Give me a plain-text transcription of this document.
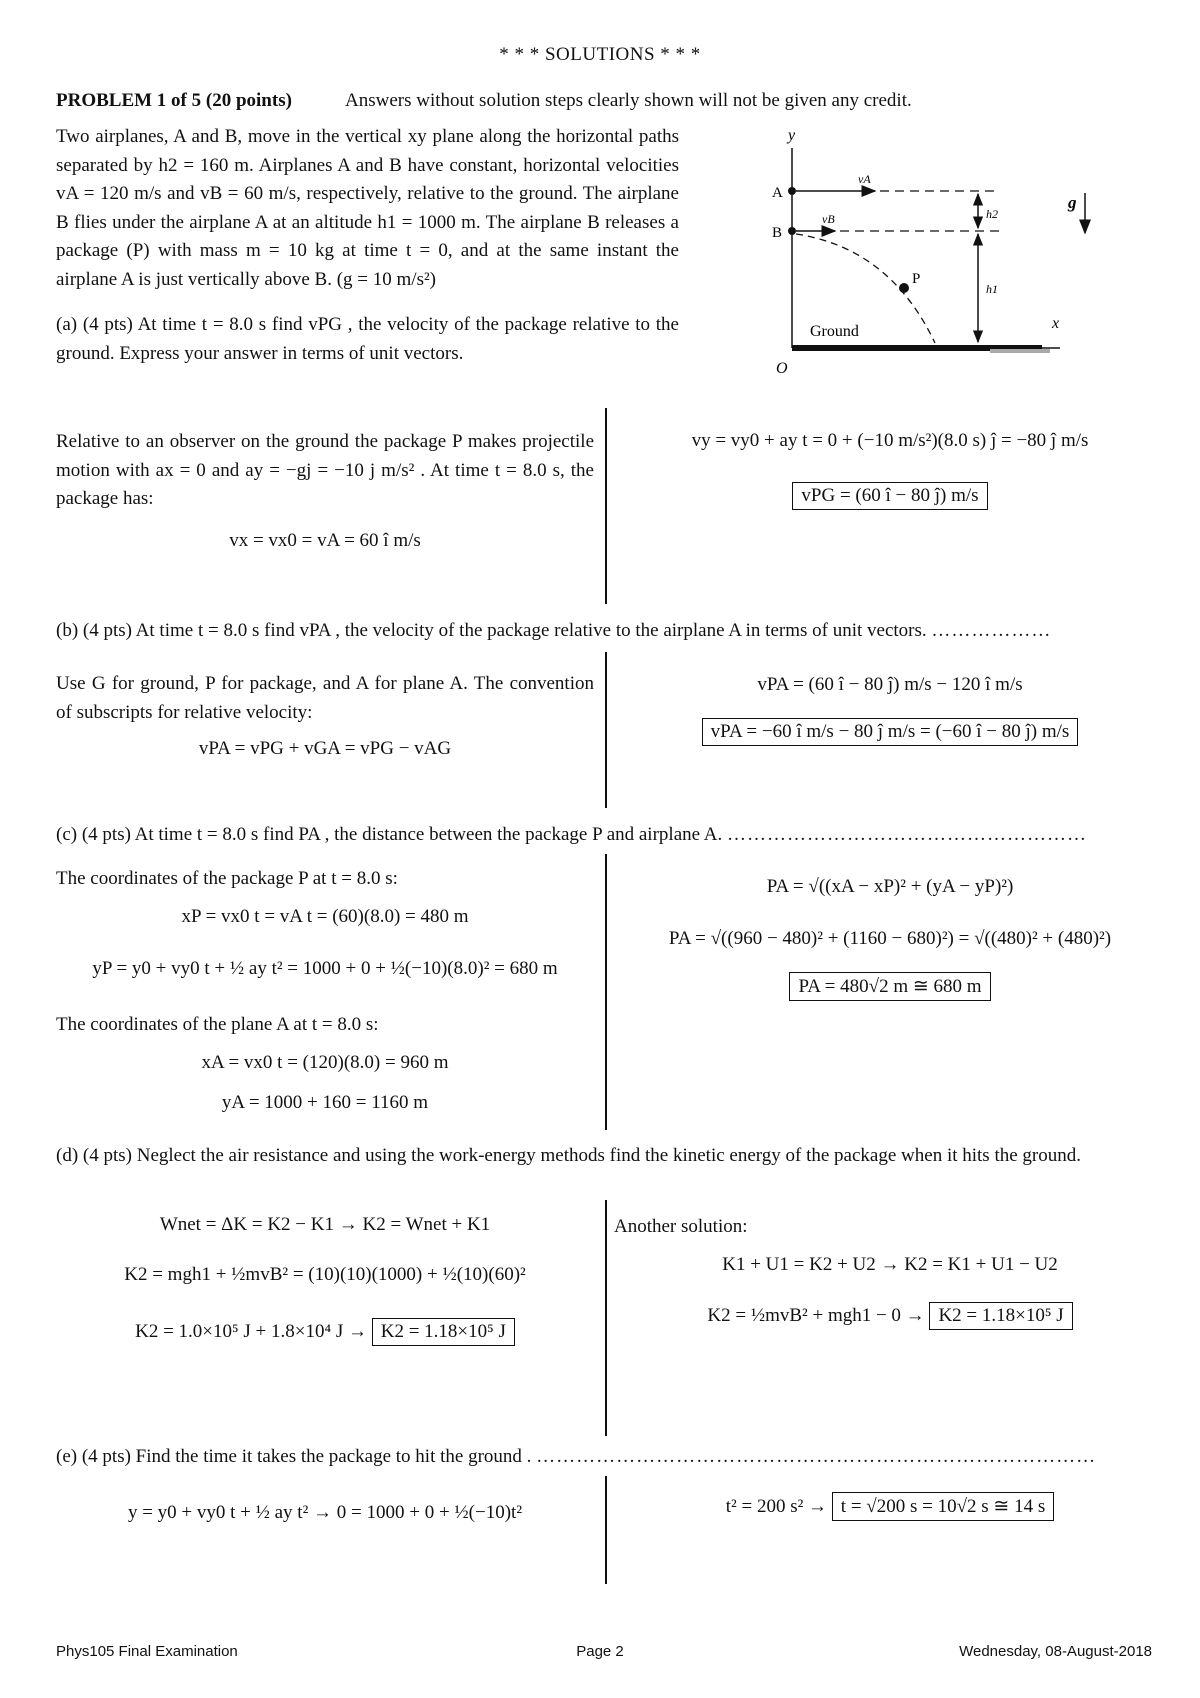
* * * SOLUTIONS * * *
PROBLEM 1 of 5 (20 points)	Answers without solution steps clearly shown will not be given any credit.
Two airplanes, A and B, move in the vertical xy plane along the horizontal paths separated by h2 = 160 m. Airplanes A and B have constant, horizontal velocities vA = 120 m/s and vB = 60 m/s, respectively, relative to the ground. The airplane B flies under the airplane A at an altitude h1 = 1000 m. The airplane B releases a package (P) with mass m = 10 kg at time t = 0, and at the same instant the airplane A is just vertically above B. (g = 10 m/s²)
(a) (4 pts) At time t = 8.0 s find vPG , the velocity of the package relative to the ground. Express your answer in terms of unit vectors.
y
x
O
Ground
A
B
P
vA
vB	h2
h1
g
Relative to an observer on the ground the package P makes projectile motion with ax = 0 and ay = −gj = −10 j m/s² . At time t = 8.0 s, the package has:
vx = vx0 = vA = 60 î m/s
vy = vy0 + ay t = 0 + (−10 m/s²)(8.0 s) ĵ = −80 ĵ m/s
vPG = (60 î − 80 ĵ) m/s
(b) (4 pts) At time t = 8.0 s find vPA , the velocity of the package relative to the airplane A in terms of unit vectors. ………………
Use G for ground, P for package, and A for plane A. The convention of subscripts for relative velocity:
vPA = vPG + vGA = vPG − vAG
vPA = (60 î − 80 ĵ) m/s − 120 î m/s
vPA = −60 î m/s − 80 ĵ m/s = (−60 î − 80 ĵ) m/s
(c) (4 pts) At time t = 8.0 s find PA , the distance between the package P and airplane A. ………………………………………………
The coordinates of the package P at t = 8.0 s:
xP = vx0 t = vA t = (60)(8.0) = 480 m
yP = y0 + vy0 t + ½ ay t² = 1000 + 0 + ½(−10)(8.0)² = 680 m
The coordinates of the plane A at t = 8.0 s:
xA = vx0 t = (120)(8.0) = 960 m
yA = 1000 + 160 = 1160 m
PA = √((xA − xP)² + (yA − yP)²)
PA = √((960 − 480)² + (1160 − 680)²) = √((480)² + (480)²)
PA = 480√2 m ≅ 680 m
(d) (4 pts) Neglect the air resistance and using the work-energy methods find the kinetic energy of the package when it hits the ground.
Wnet = ΔK = K2 − K1 → K2 = Wnet + K1
K2 = mgh1 + ½mvB² = (10)(10)(1000) + ½(10)(60)²
K2 = 1.0×10⁵ J + 1.8×10⁴ J → K2 = 1.18×10⁵ J
Another solution:
K1 + U1 = K2 + U2 → K2 = K1 + U1 − U2
K2 = ½mvB² + mgh1 − 0 → K2 = 1.18×10⁵ J
(e) (4 pts) Find the time it takes the package to hit the ground . …………………………………………………………………………
y = y0 + vy0 t + ½ ay t² → 0 = 1000 + 0 + ½(−10)t²	t² = 200 s² → t = √200 s = 10√2 s ≅ 14 s
Phys105 Final Examination	Page 2	Wednesday, 08-August-2018
